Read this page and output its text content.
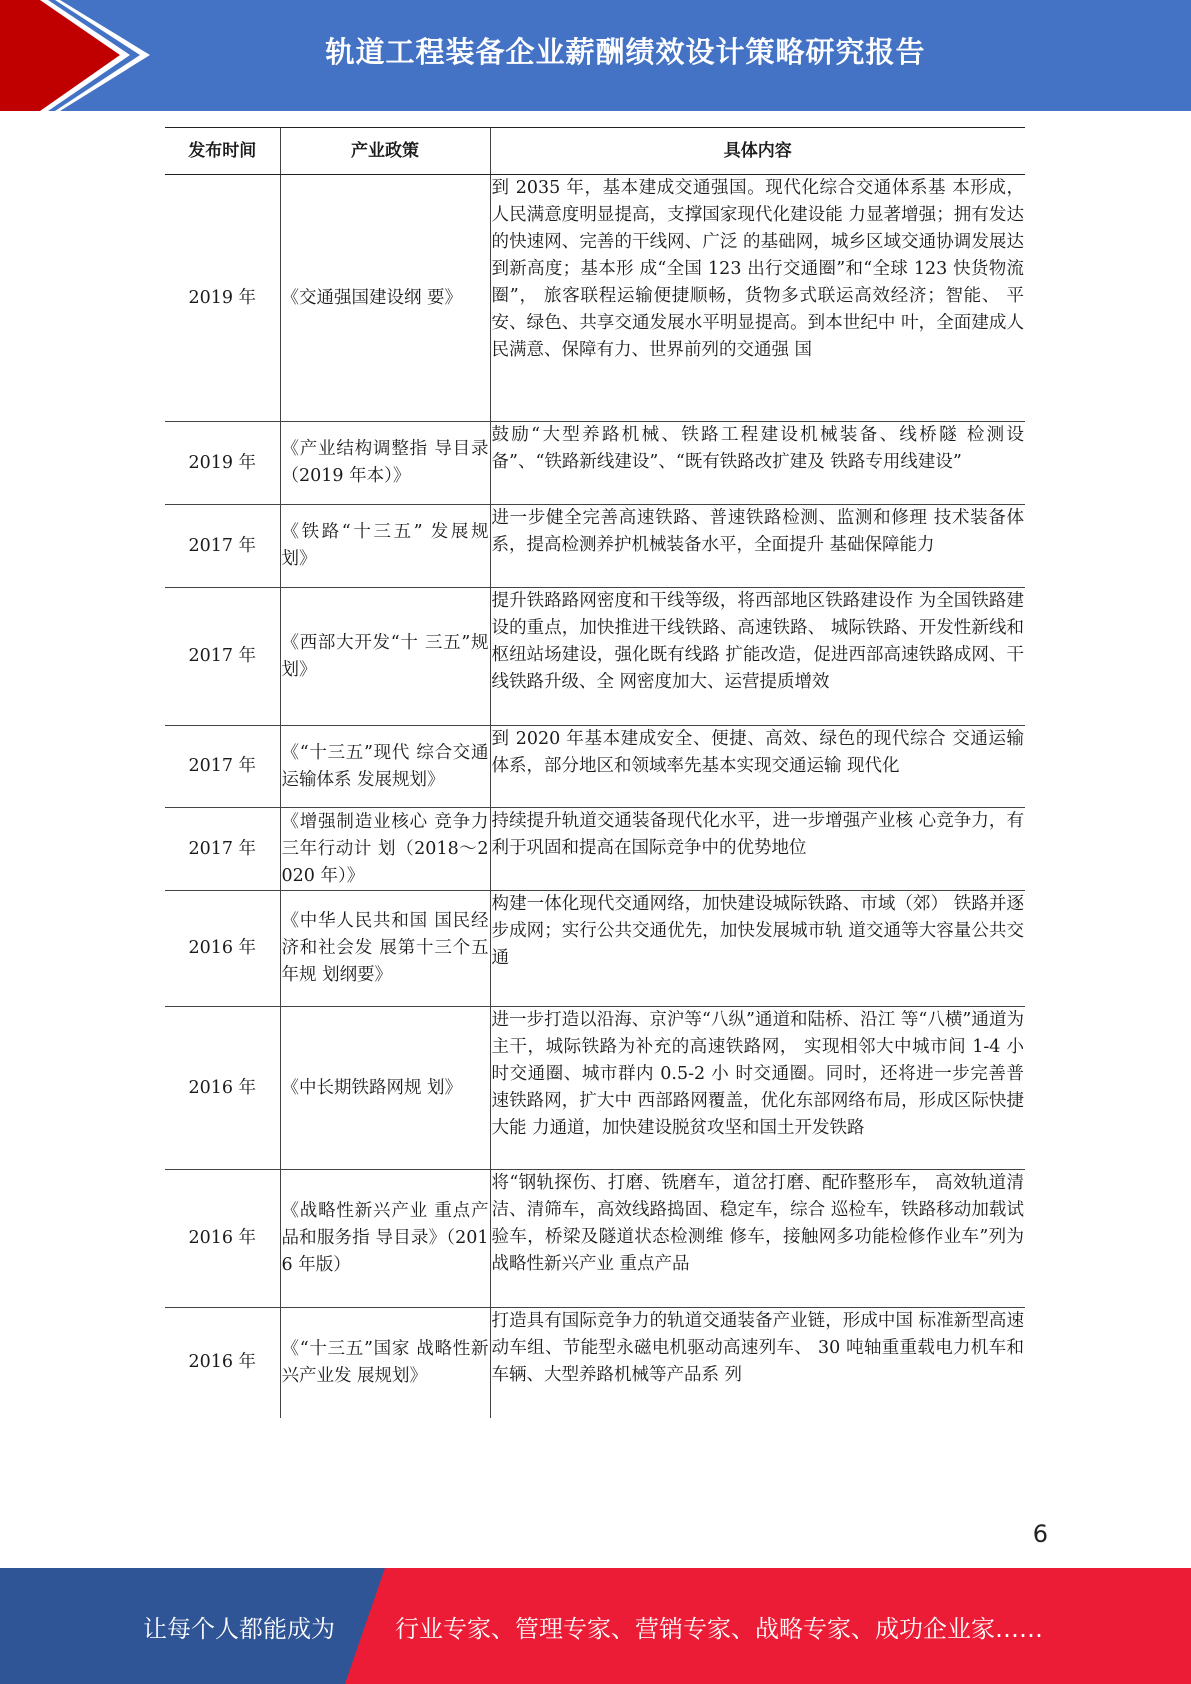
轨道工程装备企业薪酬绩效设计策略研究报告
发布时间	产业政策	具体内容
2019 年	《交通强国建设纲 要》	到 2035 年，基本建成交通强国。现代化综合交通体系基 本形成，人民满意度明显提高，支撑国家现代化建设能 力显著增强；拥有发达的快速网、完善的干线网、广泛 的基础网，城乡区域交通协调发展达到新高度；基本形 成“全国 123 出行交通圈”和“全球 123 快货物流圈”， 旅客联程运输便捷顺畅，货物多式联运高效经济；智能、 平安、绿色、共享交通发展水平明显提高。到本世纪中 叶，全面建成人民满意、保障有力、世界前列的交通强 国
2019 年	《产业结构调整指 导目录（2019 年本）》	鼓励“大型养路机械、铁路工程建设机械装备、线桥隧 检测设备”、“铁路新线建设”、“既有铁路改扩建及 铁路专用线建设”
2017 年	《铁路“十三五” 发展规划》	进一步健全完善高速铁路、普速铁路检测、监测和修理 技术装备体系，提高检测养护机械装备水平，全面提升 基础保障能力
2017 年	《西部大开发“十 三五”规划》	提升铁路路网密度和干线等级，将西部地区铁路建设作 为全国铁路建设的重点，加快推进干线铁路、高速铁路、 城际铁路、开发性新线和枢纽站场建设，强化既有线路 扩能改造，促进西部高速铁路成网、干线铁路升级、全 网密度加大、运营提质增效
2017 年	《“十三五”现代 综合交通运输体系 发展规划》	到 2020 年基本建成安全、便捷、高效、绿色的现代综合 交通运输体系，部分地区和领域率先基本实现交通运输 现代化
2017 年	《增强制造业核心 竞争力三年行动计 划（2018～2020 年）》	持续提升轨道交通装备现代化水平，进一步增强产业核 心竞争力，有利于巩固和提高在国际竞争中的优势地位
2016 年	《中华人民共和国 国民经济和社会发 展第十三个五年规 划纲要》	构建一体化现代交通网络，加快建设城际铁路、市域（郊） 铁路并逐步成网；实行公共交通优先，加快发展城市轨 道交通等大容量公共交通
2016 年	《中长期铁路网规 划》	进一步打造以沿海、京沪等“八纵”通道和陆桥、沿江 等“八横”通道为主干，城际铁路为补充的高速铁路网， 实现相邻大中城市间 1-4 小时交通圈、城市群内 0.5-2 小 时交通圈。同时，还将进一步完善普速铁路网，扩大中 西部路网覆盖，优化东部网络布局，形成区际快捷大能 力通道，加快建设脱贫攻坚和国土开发铁路
2016 年	《战略性新兴产业 重点产品和服务指 导目录》（2016 年版）	将“钢轨探伤、打磨、铣磨车，道岔打磨、配砟整形车， 高效轨道清洁、清筛车，高效线路捣固、稳定车，综合 巡检车，铁路移动加载试验车，桥梁及隧道状态检测维 修车，接触网多功能检修作业车”列为战略性新兴产业 重点产品
2016 年	《“十三五”国家 战略性新兴产业发 展规划》	打造具有国际竞争力的轨道交通装备产业链，形成中国 标准新型高速动车组、节能型永磁电机驱动高速列车、 30 吨轴重重载电力机车和车辆、大型养路机械等产品系 列
6
让每个人都能成为	行业专家、管理专家、营销专家、战略专家、成功企业家……
